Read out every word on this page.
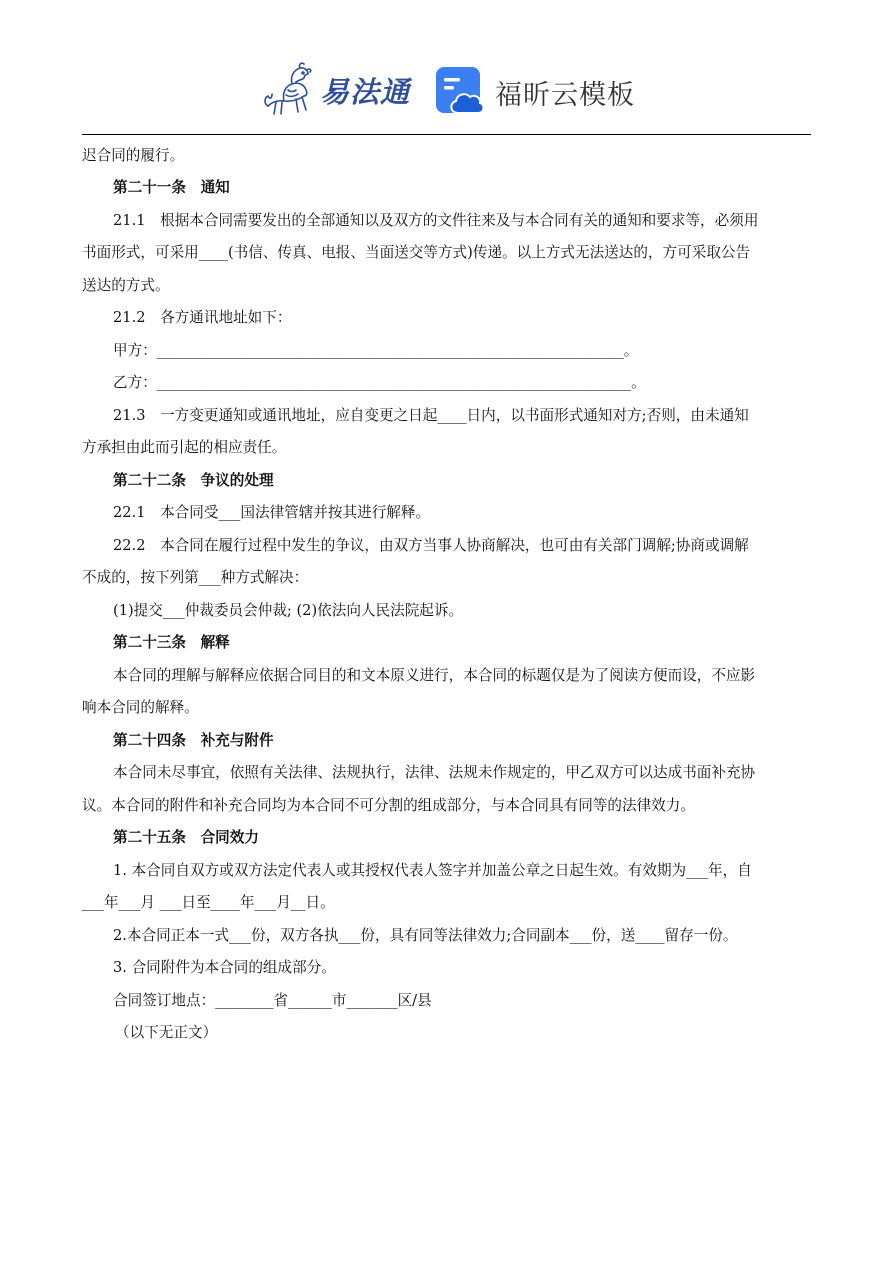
易法通	福昕云模板

迟合同的履行。

第二十一条　通知

21.1　根据本合同需要发出的全部通知以及双方的文件往来及与本合同有关的通知和要求等，必须用

书面形式，可采用____(书信、传真、电报、当面送交等方式)传递。以上方式无法送达的，方可采取公告

送达的方式。

21.2　各方通讯地址如下：

甲方：________________________________________________________________。

乙方：_________________________________________________________________。

21.3　一方变更通知或通讯地址，应自变更之日起____日内，以书面形式通知对方;否则，由未通知

方承担由此而引起的相应责任。

第二十二条　争议的处理

22.1　本合同受___国法律管辖并按其进行解释。

22.2　本合同在履行过程中发生的争议，由双方当事人协商解决，也可由有关部门调解;协商或调解

不成的，按下列第___种方式解决：

(1)提交___仲裁委员会仲裁; (2)依法向人民法院起诉。

第二十三条　解释

本合同的理解与解释应依据合同目的和文本原义进行，本合同的标题仅是为了阅读方便而设，不应影

响本合同的解释。

第二十四条　补充与附件

本合同未尽事宜，依照有关法律、法规执行，法律、法规未作规定的，甲乙双方可以达成书面补充协

议。本合同的附件和补充合同均为本合同不可分割的组成部分，与本合同具有同等的法律效力。

第二十五条　合同效力

1. 本合同自双方或双方法定代表人或其授权代表人签字并加盖公章之日起生效。有效期为___年，自

___年___月 ___日至____年___月__日。

2.本合同正本一式___份，双方各执___份，具有同等法律效力;合同副本___份，送____留存一份。

3. 合同附件为本合同的组成部分。

合同签订地点：________省______市_______区/县

（以下无正文）
